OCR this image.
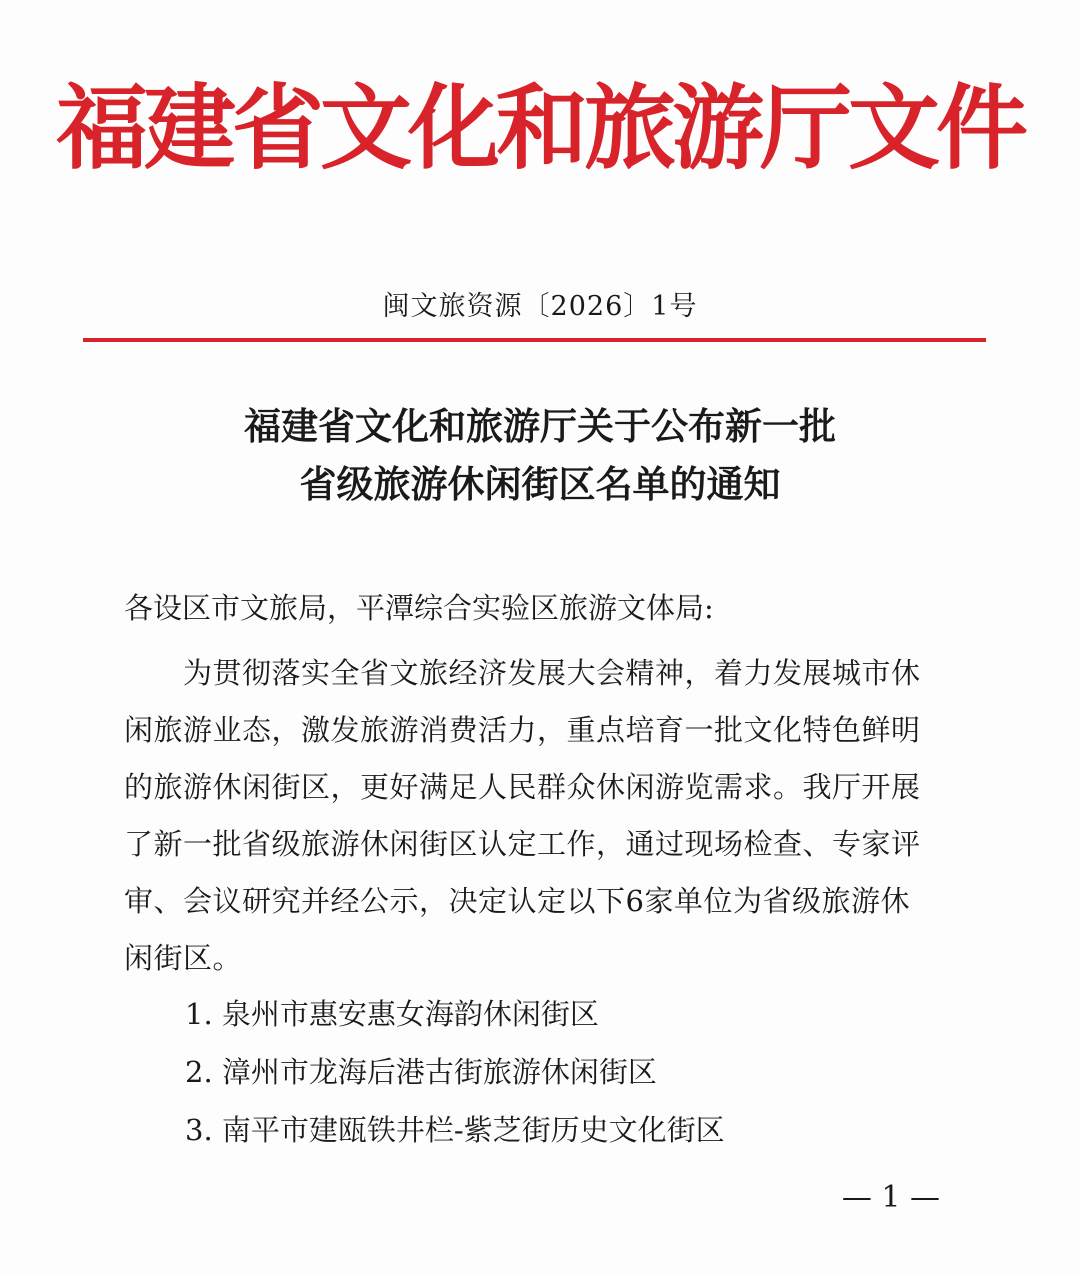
福建省文化和旅游厅文件
闽文旅资源〔2026〕1号
福建省文化和旅游厅关于公布新一批
省级旅游休闲街区名单的通知
各设区市文旅局，平潭综合实验区旅游文体局:
　　为贯彻落实全省文旅经济发展大会精神，着力发展城市休
闲旅游业态，激发旅游消费活力，重点培育一批文化特色鲜明
的旅游休闲街区，更好满足人民群众休闲游览需求。我厅开展
了新一批省级旅游休闲街区认定工作，通过现场检查、专家评
审、会议研究并经公示，决定认定以下6家单位为省级旅游休
闲街区。
1. 泉州市惠安惠女海韵休闲街区
2. 漳州市龙海后港古街旅游休闲街区
3. 南平市建瓯铁井栏-紫芝街历史文化街区
— 1 —
